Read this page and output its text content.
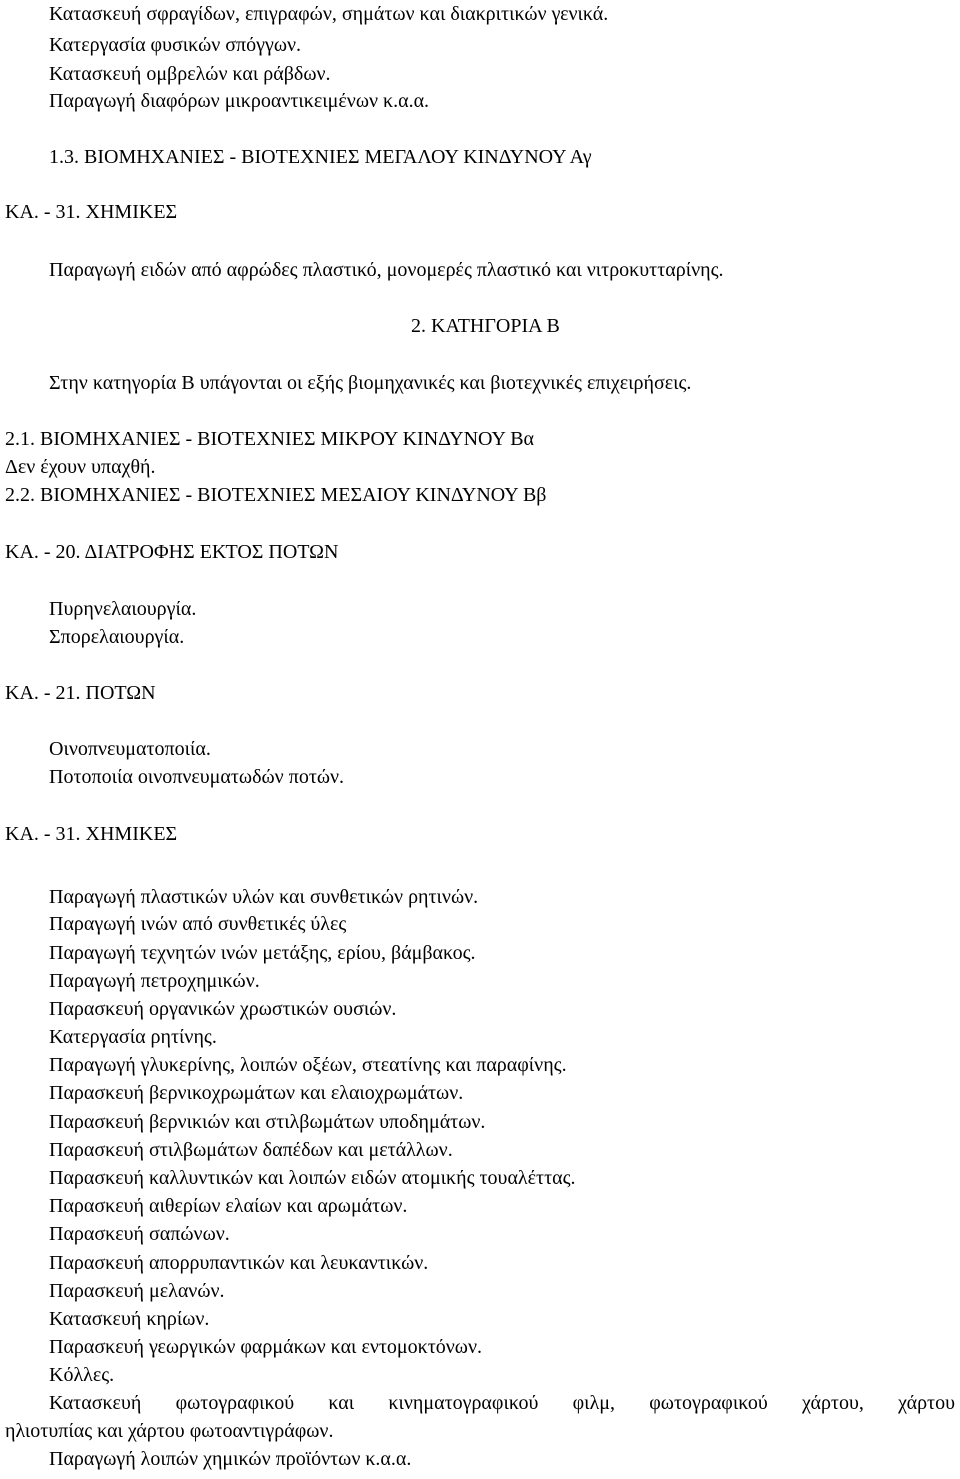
Κατασκευή σφραγίδων, επιγραφών, σημάτων και διακριτικών γενικά.

Κατεργασία φυσικών σπόγγων.

Κατασκευή ομβρελών και ράβδων.

Παραγωγή διαφόρων μικροαντικειμένων κ.α.α.

1.3. ΒΙΟΜΗΧΑΝΙΕΣ - ΒΙΟΤΕΧΝΙΕΣ ΜΕΓΑΛΟΥ ΚΙΝΔΥΝΟΥ Αγ

ΚΑ. - 31. ΧΗΜΙΚΕΣ

Παραγωγή ειδών από αφρώδες πλαστικό, μονομερές πλαστικό και νιτροκυτταρίνης.

2. ΚΑΤΗΓΟΡΙΑ Β

Στην κατηγορία Β υπάγονται οι εξής βιομηχανικές και βιοτεχνικές επιχειρήσεις.

2.1. ΒΙΟΜΗΧΑΝΙΕΣ - ΒΙΟΤΕΧΝΙΕΣ ΜΙΚΡΟΥ ΚΙΝΔΥΝΟΥ Βα

Δεν έχουν υπαχθή.

2.2. ΒΙΟΜΗΧΑΝΙΕΣ - ΒΙΟΤΕΧΝΙΕΣ ΜΕΣΑΙΟΥ ΚΙΝΔΥΝΟΥ Ββ

ΚΑ. - 20. ΔΙΑΤΡΟΦΗΣ ΕΚΤΟΣ ΠΟΤΩΝ

Πυρηνελαιουργία.

Σπορελαιουργία.

ΚΑ. - 21. ΠΟΤΩΝ

Οινοπνευματοποιία.

Ποτοποιία οινοπνευματωδών ποτών.

ΚΑ. - 31. ΧΗΜΙΚΕΣ

Παραγωγή πλαστικών υλών και συνθετικών ρητινών.

Παραγωγή ινών από συνθετικές ύλες

Παραγωγή τεχνητών ινών μετάξης, ερίου, βάμβακος.

Παραγωγή πετροχημικών.

Παρασκευή οργανικών χρωστικών ουσιών.

Κατεργασία ρητίνης.

Παραγωγή γλυκερίνης, λοιπών οξέων, στεατίνης και παραφίνης.

Παρασκευή βερνικοχρωμάτων και ελαιοχρωμάτων.

Παρασκευή βερνικιών και στιλβωμάτων υποδημάτων.

Παρασκευή στιλβωμάτων δαπέδων και μετάλλων.

Παρασκευή καλλυντικών και λοιπών ειδών ατομικής τουαλέττας.

Παρασκευή αιθερίων ελαίων και αρωμάτων.

Παρασκευή σαπώνων.

Παρασκευή απορρυπαντικών και λευκαντικών.

Παρασκευή μελανών.

Κατασκευή κηρίων.

Παρασκευή γεωργικών φαρμάκων και εντομοκτόνων.

Κόλλες.

Κατασκευή φωτογραφικού και κινηματογραφικού φιλμ, φωτογραφικού χάρτου, χάρτου

ηλιοτυπίας και χάρτου φωτοαντιγράφων.

Παραγωγή λοιπών χημικών προϊόντων κ.α.α.
